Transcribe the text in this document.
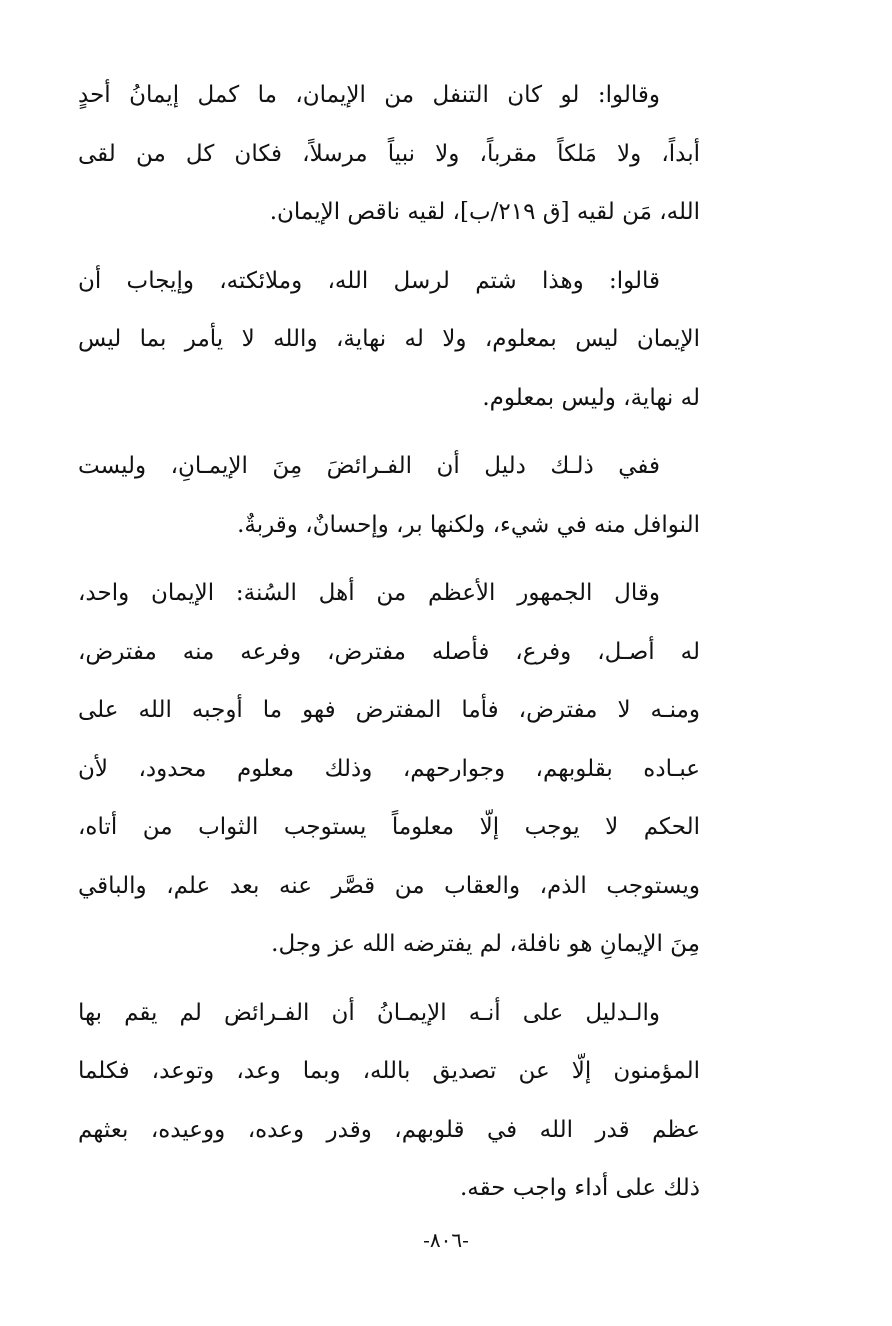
وقالوا: لو كان التنفل من الإيمان، ما كمل إيمانُ أحدٍ
أبداً، ولا مَلكاً مقرباً، ولا نبياً مرسلاً، فكان كل من لقى
الله، مَن لقيه [ق ٢١٩/ب]، لقيه ناقص الإيمان.
قالوا: وهذا شتم لرسل الله، وملائكته، وإيجاب أن
الإيمان ليس بمعلوم، ولا له نهاية، والله لا يأمر بما ليس
له نهاية، وليس بمعلوم.
ففي ذلـك دليل أن الفـرائضَ مِنَ الإيمـانِ، وليست
النوافل منه في شيء، ولكنها بر، وإحسانٌ، وقربةٌ.
وقال الجمهور الأعظم من أهل السُنة: الإيمان واحد،
له أصـل، وفرع، فأصله مفترض، وفرعه منه مفترض،
ومنـه لا مفترض، فأما المفترض فهو ما أوجبه الله على
عبـاده بقلوبهم، وجوارحهم، وذلك معلوم محدود، لأن
الحكم لا يوجب إلّا معلوماً يستوجب الثواب من أتاه،
ويستوجب الذم، والعقاب من قصَّر عنه بعد علم، والباقي
مِنَ الإيمانِ هو نافلة، لم يفترضه الله عز وجل.
والـدليل على أنـه الإيمـانُ أن الفـرائض لم يقم بها
المؤمنون إلّا عن تصديق بالله، وبما وعد، وتوعد، فكلما
عظم قدر الله في قلوبهم، وقدر وعده، ووعيده، بعثهم
ذلك على أداء واجب حقه.
-٨٠٦-
